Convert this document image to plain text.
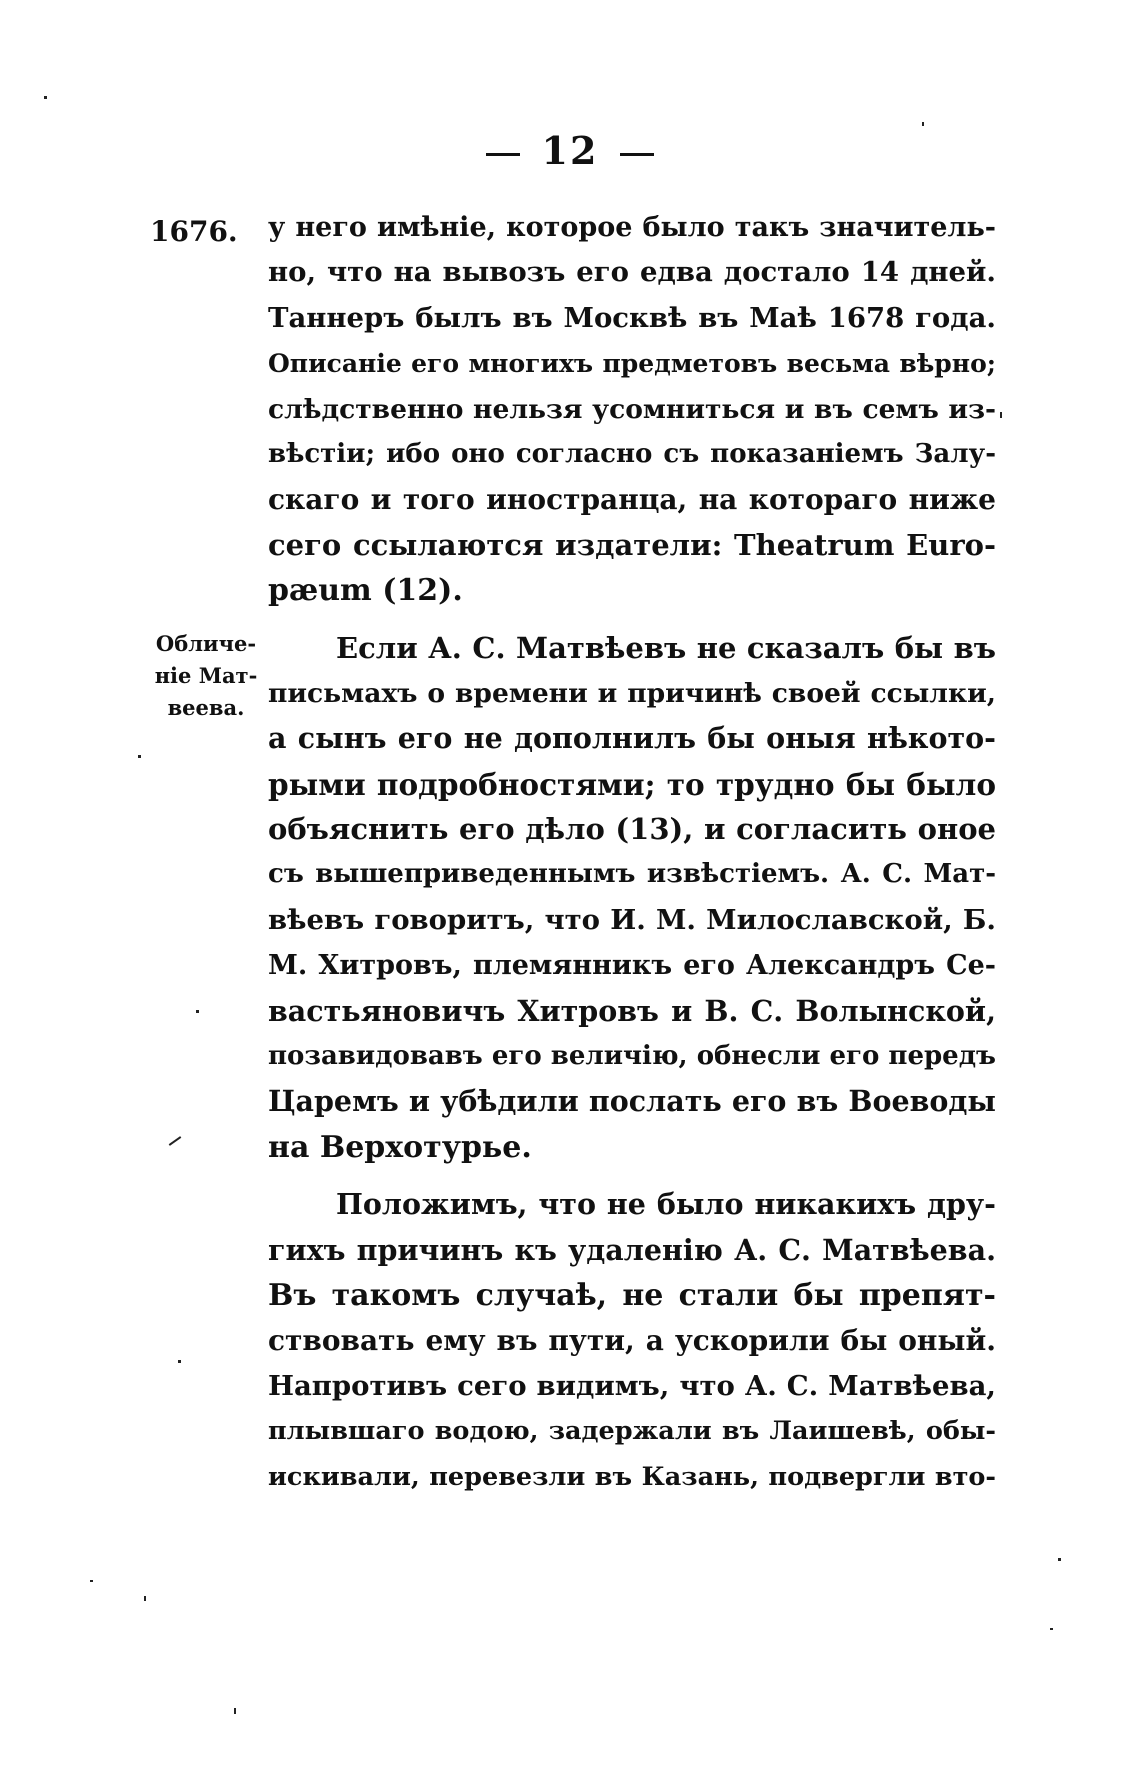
12
1676.
Обличе-
ніе Мат-
веева.
у него имѣніе, которое было такъ значитель-
но, что на вывозъ его едва достало 14 дней.
Таннеръ былъ въ Москвѣ въ Маѣ 1678 года.
Описаніе его многихъ предметовъ весьма вѣрно;
слѣдственно нельзя усомниться и въ семъ из-
вѣстіи; ибо оно согласно съ показаніемъ Залу-
скаго и того иностранца, на котораго ниже
сего ссылаются издатели: Theatrum Euro-
pæum (12).
Если А. С. Матвѣевъ не сказалъ бы въ
письмахъ о времени и причинѣ своей ссылки,
а сынъ его не дополнилъ бы оныя нѣкото-
рыми подробностями; то трудно бы было
объяснить его дѣло (13), и согласить оное
съ вышеприведеннымъ извѣстіемъ. А. С. Мат-
вѣевъ говоритъ, что И. М. Милославской, Б.
М. Хитровъ, племянникъ его Александръ Се-
вастьяновичъ Хитровъ и В. С. Волынской,
позавидовавъ его величію, обнесли его передъ
Царемъ и убѣдили послать его въ Воеводы
на Верхотурье.
Положимъ, что не было никакихъ дру-
гихъ причинъ къ удаленію А. С. Матвѣева.
Въ такомъ случаѣ, не стали бы препят-
ствовать ему въ пути, а ускорили бы оный.
Напротивъ сего видимъ, что А. С. Матвѣева,
плывшаго водою, задержали въ Лаишевѣ, обы-
искивали, перевезли въ Казань, подвергли вто-
